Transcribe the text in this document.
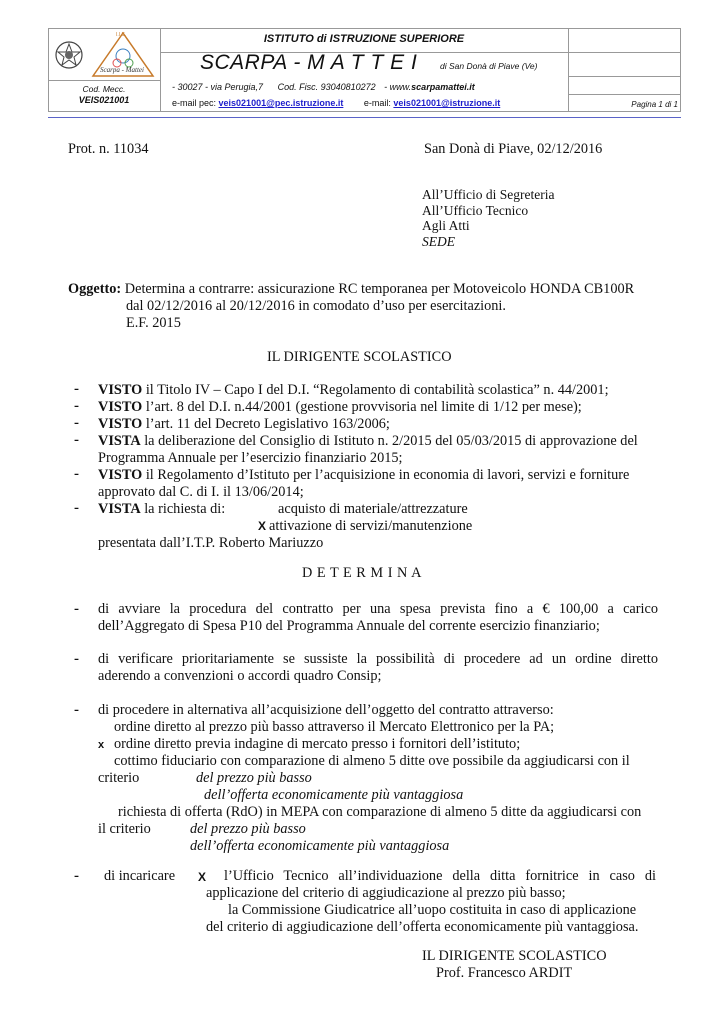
I.I.S.
Scarpa - Mattei
Cod. Mecc.
VEIS021001
ISTITUTO di ISTRUZIONE SUPERIORE
SCARPA - M A T T E I	di San Donà di Piave (Ve)
- 30027 - via Perugia,7 Cod. Fisc. 93040810272 - www.scarpamattei.it
e-mail pec: veis021001@pec.istruzione.it e-mail: veis021001@istruzione.it	Pagina 1 di 1
Prot. n. 11034	San Donà di Piave, 02/12/2016
All’Ufficio di Segreteria
All’Ufficio Tecnico
Agli Atti
SEDE
Oggetto: Determina a contrarre: assicurazione RC temporanea per Motoveicolo HONDA CB100R
dal 02/12/2016 al 20/12/2016 in comodato d’uso per esercitazioni.
E.F. 2015
IL DIRIGENTE SCOLASTICO
VISTO il Titolo IV – Capo I del D.I. “Regolamento di contabilità scolastica” n. 44/2001;
VISTO l’art. 8 del D.I. n.44/2001 (gestione provvisoria nel limite di 1/12 per mese);
VISTO l’art. 11 del Decreto Legislativo 163/2006;
VISTA la deliberazione del Consiglio di Istituto n. 2/2015 del 05/03/2015 di approvazione del
Programma Annuale per l’esercizio finanziario 2015;
VISTO il Regolamento d’Istituto per l’acquisizione in economia di lavori, servizi e forniture
approvato dal C. di I. il 13/06/2014;
VISTA la richiesta di:	acquisto di materiale/attrezzature
X attivazione di servizi/manutenzione
presentata dall’I.T.P. Roberto Mariuzzo
-
-
-
-
-
-
D E T E R M I N A
- di avviare la procedura del contratto per una spesa prevista fino a € 100,00 a carico
dell’Aggregato di Spesa P10 del Programma Annuale del corrente esercizio finanziario;
- di verificare prioritariamente se sussiste la possibilità di procedere ad un ordine diretto
aderendo a convenzioni o accordi quadro Consip;
- di procedere in alternativa all’acquisizione dell’oggetto del contratto attraverso:
ordine diretto al prezzo più basso attraverso il Mercato Elettronico per la PA;
x ordine diretto previa indagine di mercato presso i fornitori dell’istituto;
cottimo fiduciario con comparazione di almeno 5 ditte ove possibile da aggiudicarsi con il
criterio	del prezzo più basso
dell’offerta economicamente più vantaggiosa
richiesta di offerta (RdO) in MEPA con comparazione di almeno 5 ditte da aggiudicarsi con
il criterio	del prezzo più basso
dell’offerta economicamente più vantaggiosa
- di incaricare X l’Ufficio Tecnico all’individuazione della ditta fornitrice in caso di
applicazione del criterio di aggiudicazione al prezzo più basso;
la Commissione Giudicatrice all’uopo costituita in caso di applicazione
del criterio di aggiudicazione dell’offerta economicamente più vantaggiosa.
IL DIRIGENTE SCOLASTICO
Prof. Francesco ARDIT
